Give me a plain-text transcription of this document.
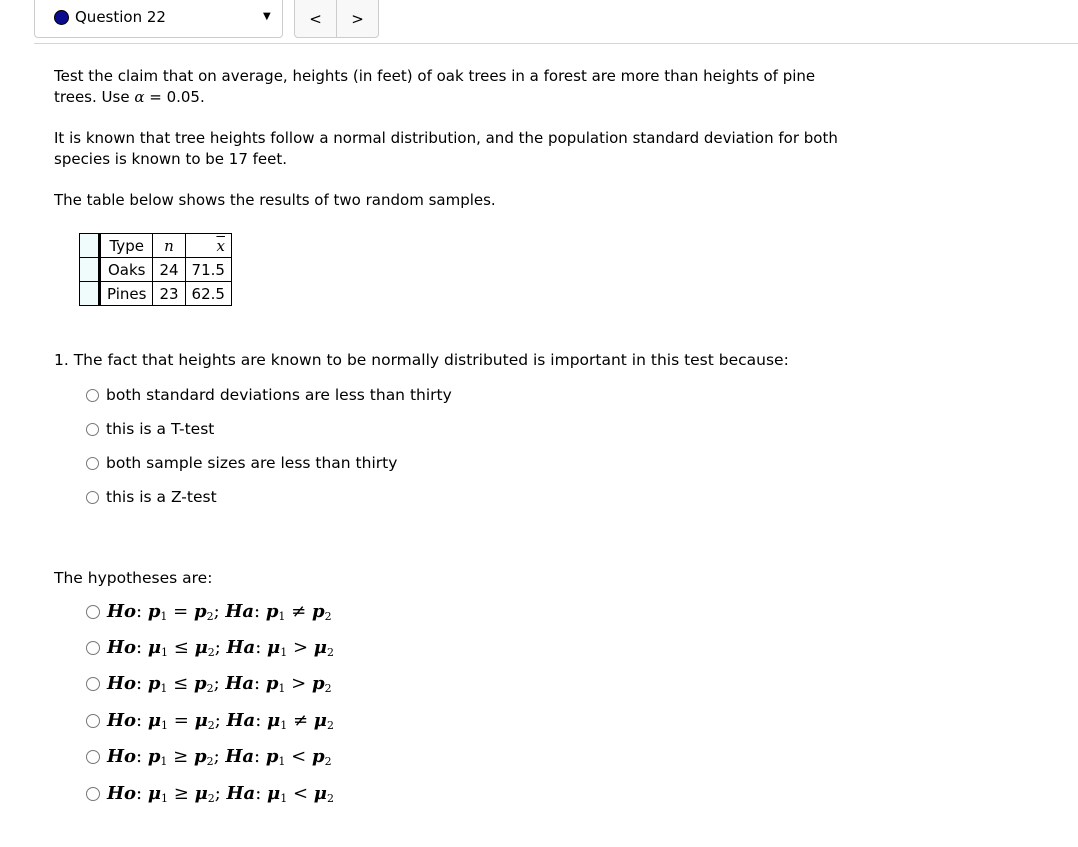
Question 22	▼	<	>

Test the claim that on average, heights (in feet) of oak trees in a forest are more than heights of pine

trees. Use α = 0.05.

It is known that tree heights follow a normal distribution, and the population standard deviation for both

species is known to be 17 feet.

The table below shows the results of two random samples.

	Type	n	$\overline{x}$
	Oaks	24	71.5
	Pines	23	62.5
1. The fact that heights are known to be normally distributed is important in this test because:
both standard deviations are less than thirty
this is a T-test
both sample sizes are less than thirty
this is a Z-test
The hypotheses are:
Ho: $p_1 = p_2$; Ha: $p_1 \ne p_2$
Ho: $\mu_1 \le \mu_2$; Ha: $\mu_1 > \mu_2$
Ho: $p_1 \le p_2$; Ha: $p_1 > p_2$
Ho: $\mu_1 = \mu_2$; Ha: $\mu_1 \ne \mu_2$
Ho: $p_1 \ge p_2$; Ha: $p_1 < p_2$
Ho: $\mu_1 \ge \mu_2$; Ha: $\mu_1 < \mu_2$
